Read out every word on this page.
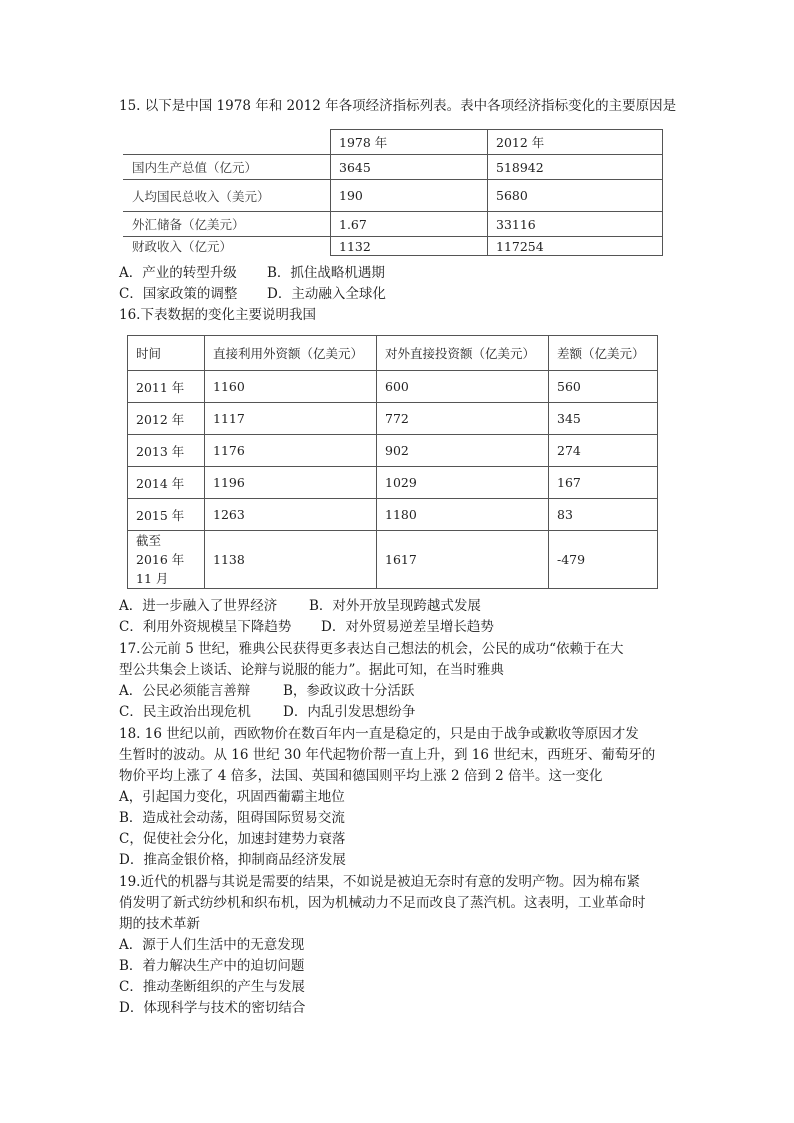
15. 以下是中国 1978 年和 2012 年各项经济指标列表。表中各项经济指标变化的主要原因是
	1978 年	2012 年
国内生产总值（亿元）	3645	518942
人均国民总收入（美元）	190	5680
外汇储备（亿美元）	1.67	33116
财政收入（亿元）	1132	117254
A．产业的转型升级 B．抓住战略机遇期
C．国家政策的调整 D．主动融入全球化
16.下表数据的变化主要说明我国
时间	直接利用外资额（亿美元）	对外直接投资额（亿美元）	差额（亿美元）
2011 年	1160	600	560
2012 年	1117	772	345
2013 年	1176	902	274
2014 年	1196	1029	167
2015 年	1263	1180	83
截至 2016 年 11 月	1138	1617	-479
A．进一步融入了世界经济 B．对外开放呈现跨越式发展
C．利用外资规模呈下降趋势 D．对外贸易逆差呈增长趋势
17.公元前 5 世纪，雅典公民获得更多表达自己想法的机会，公民的成功“依赖于在大
型公共集会上谈话、论辩与说服的能力”。据此可知，在当时雅典
A．公民必须能言善辩 B，参政议政十分活跃
C．民主政治出现危机 D．内乱引发思想纷争
18. 16 世纪以前，西欧物价在数百年内一直是稳定的，只是由于战争或歉收等原因才发
生暂时的波动。从 16 世纪 30 年代起物价帮一直上升，到 16 世纪末，西班牙、葡萄牙的
物价平均上涨了 4 倍多，法国、英国和德国则平均上涨 2 倍到 2 倍半。这一变化
A，引起国力变化，巩固西葡霸主地位
B．造成社会动荡，阻碍国际贸易交流
C，促使社会分化，加速封建势力衰落
D．推高金银价格，抑制商品经济发展
19.近代的机器与其说是需要的结果，不如说是被迫无奈时有意的发明产物。因为棉布紧
俏发明了新式纺纱机和织布机，因为机械动力不足而改良了蒸汽机。这表明，工业革命时
期的技术革新
A．源于人们生活中的无意发现
B．着力解决生产中的迫切问题
C．推动垄断组织的产生与发展
D．体现科学与技术的密切结合
